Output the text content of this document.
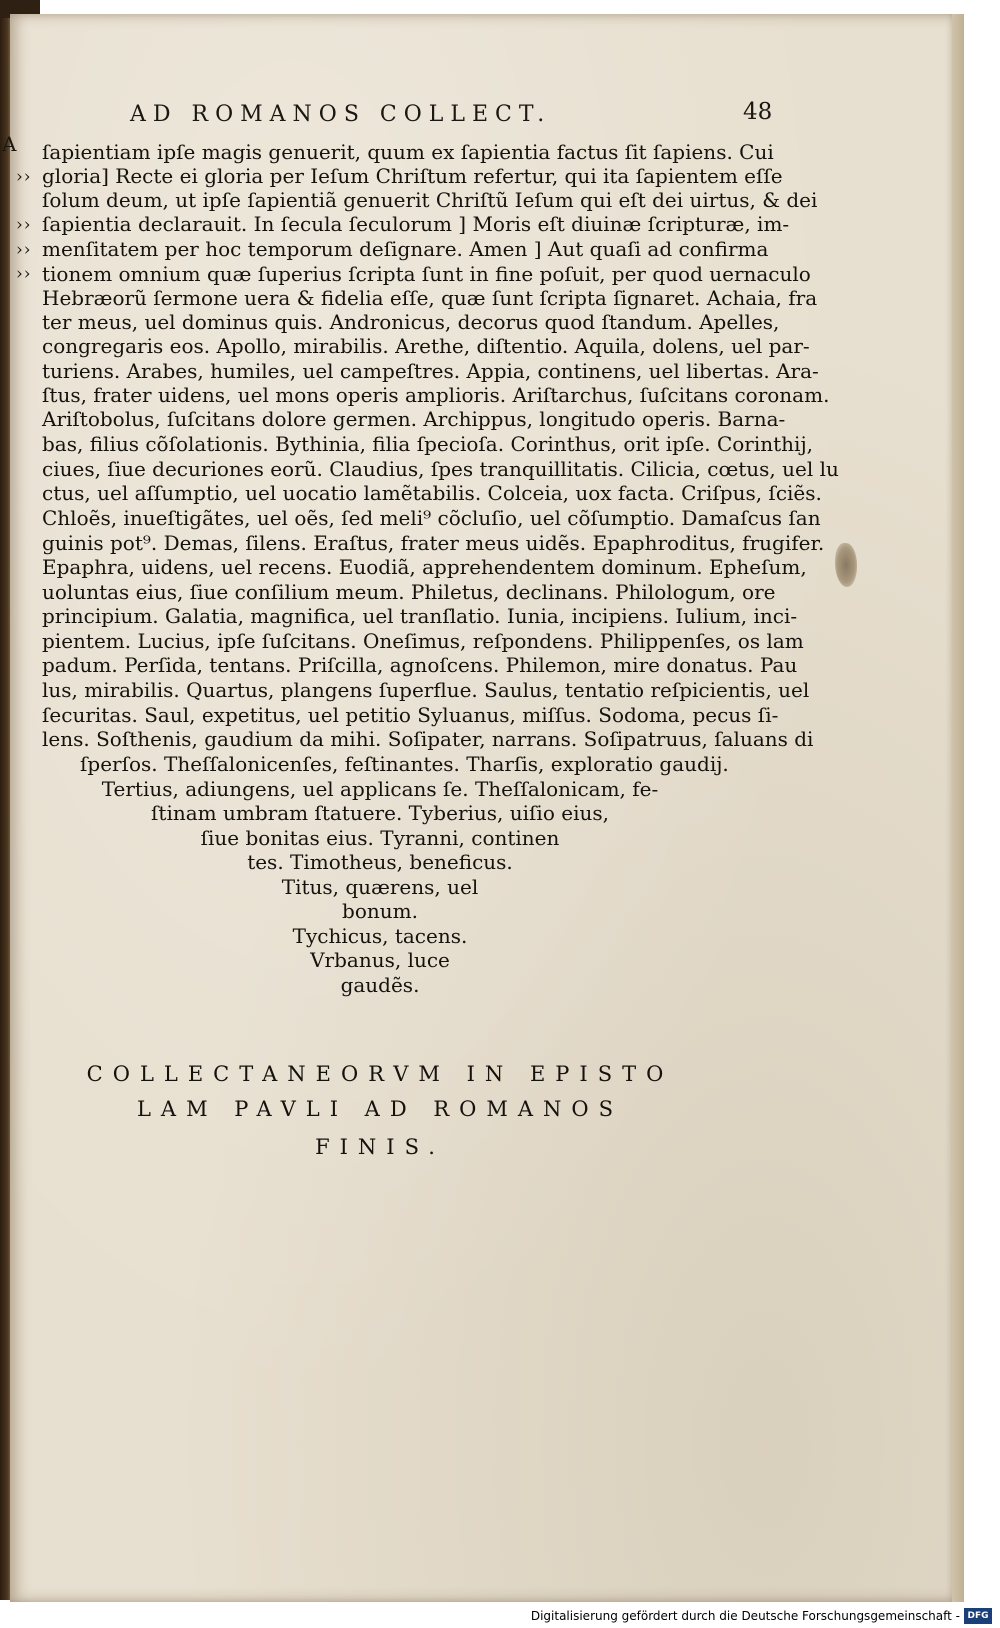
AD ROMANOS COLLECT.	48
A
››
››
››
››
ſapientiam ipſe magis genuerit, quum ex ſapientia factus ſit ſapiens. Cui
gloria] Recte ei gloria per Ieſum Chriſtum refertur, qui ita ſapientem eſſe
ſolum deum, ut ipſe ſapientiã genuerit Chriſtũ Ieſum qui eſt dei uirtus, & dei
ſapientia declarauit. In ſecula ſeculorum ] Moris eſt diuinæ ſcripturæ, im-
menſitatem per hoc temporum deſignare. Amen ] Aut quaſi ad confirma
tionem omnium quæ ſuperius ſcripta ſunt in fine poſuit, per quod uernaculo
Hebræorũ ſermone uera & fidelia eſſe, quæ ſunt ſcripta ſignaret. Achaia, fra
ter meus, uel dominus quis. Andronicus, decorus quod ſtandum. Apelles,
congregaris eos. Apollo, mirabilis. Arethe, diſtentio. Aquila, dolens, uel par-
turiens. Arabes, humiles, uel campeſtres. Appia, continens, uel libertas. Ara-
ſtus, frater uidens, uel mons operis amplioris. Ariſtarchus, ſuſcitans coronam.
Ariſtobolus, ſuſcitans dolore germen. Archippus, longitudo operis. Barna-
bas, filius cõſolationis. Bythinia, filia ſpecioſa. Corinthus, orit ipſe. Corinthij,
ciues, ſiue decuriones eorũ. Claudius, ſpes tranquillitatis. Cilicia, cœtus, uel lu
ctus, uel aſſumptio, uel uocatio lamẽtabilis. Colceia, uox facta. Criſpus, ſciẽs.
Chloẽs, inueſtigãtes, uel oẽs, ſed meli⁹ cõcluſio, uel cõſumptio. Damaſcus ſan
guinis pot⁹. Demas, ſilens. Eraſtus, frater meus uidẽs. Epaphroditus, frugifer.
Epaphra, uidens, uel recens. Euodiã, apprehendentem dominum. Epheſum,
uoluntas eius, ſiue conſilium meum. Philetus, declinans. Philologum, ore
principium. Galatia, magnifica, uel tranſlatio. Iunia, incipiens. Iulium, inci-
pientem. Lucius, ipſe ſuſcitans. Oneſimus, reſpondens. Philippenſes, os lam
padum. Perſida, tentans. Priſcilla, agnoſcens. Philemon, mire donatus. Pau
lus, mirabilis. Quartus, plangens ſuperflue. Saulus, tentatio reſpicientis, uel
ſecuritas. Saul, expetitus, uel petitio Syluanus, miſſus. Sodoma, pecus ſi-
lens. Soſthenis, gaudium da mihi. Soſipater, narrans. Soſipatruus, ſaluans di
ſperſos. Theſſalonicenſes, feſtinantes. Tharſis, exploratio gaudij.
Tertius, adiungens, uel applicans ſe. Theſſalonicam, fe-
ſtinam umbram ſtatuere. Tyberius, uiſio eius,
ſiue bonitas eius. Tyranni, continen
tes. Timotheus, beneficus.
Titus, quærens, uel
bonum.
Tychicus, tacens.
Vrbanus, luce
gaudẽs.
COLLECTANEORVM IN EPISTO
LAM PAVLI AD ROMANOS
FINIS.
Digitalisierung gefördert durch die Deutsche Forschungsgemeinschaft - DFG
